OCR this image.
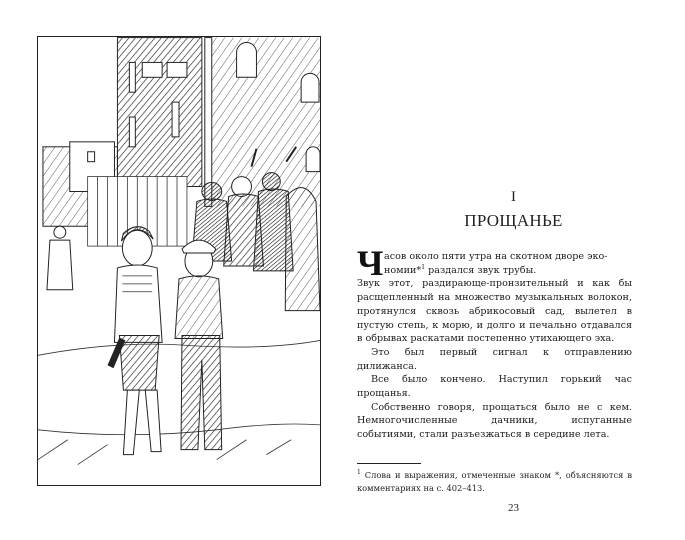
I
ПРОЩАНЬЕ

Ч асов около пяти утра на скотном дворе эко-
номии*$^1$ раздался звук трубы.

Звук этот, раздирающе-пронзительный и как бы расщепленный на множество музыкальных волокон, протянулся сквозь абрикосовый сад, вылетел в пустую степь, к морю, и долго и печально отдавался в обрывах раскатами постепенно утихающего эха.

Это был первый сигнал к отправлению дилижанса.

Все было кончено. Наступил горький час прощанья.

Собственно говоря, прощаться было не с кем. Немногочисленные дачники, испуганные событиями, стали разъезжаться в середине лета.

$^1$ Слова и выражения, отмеченные знаком *, объясняются в комментариях на с. 402–413.
23
